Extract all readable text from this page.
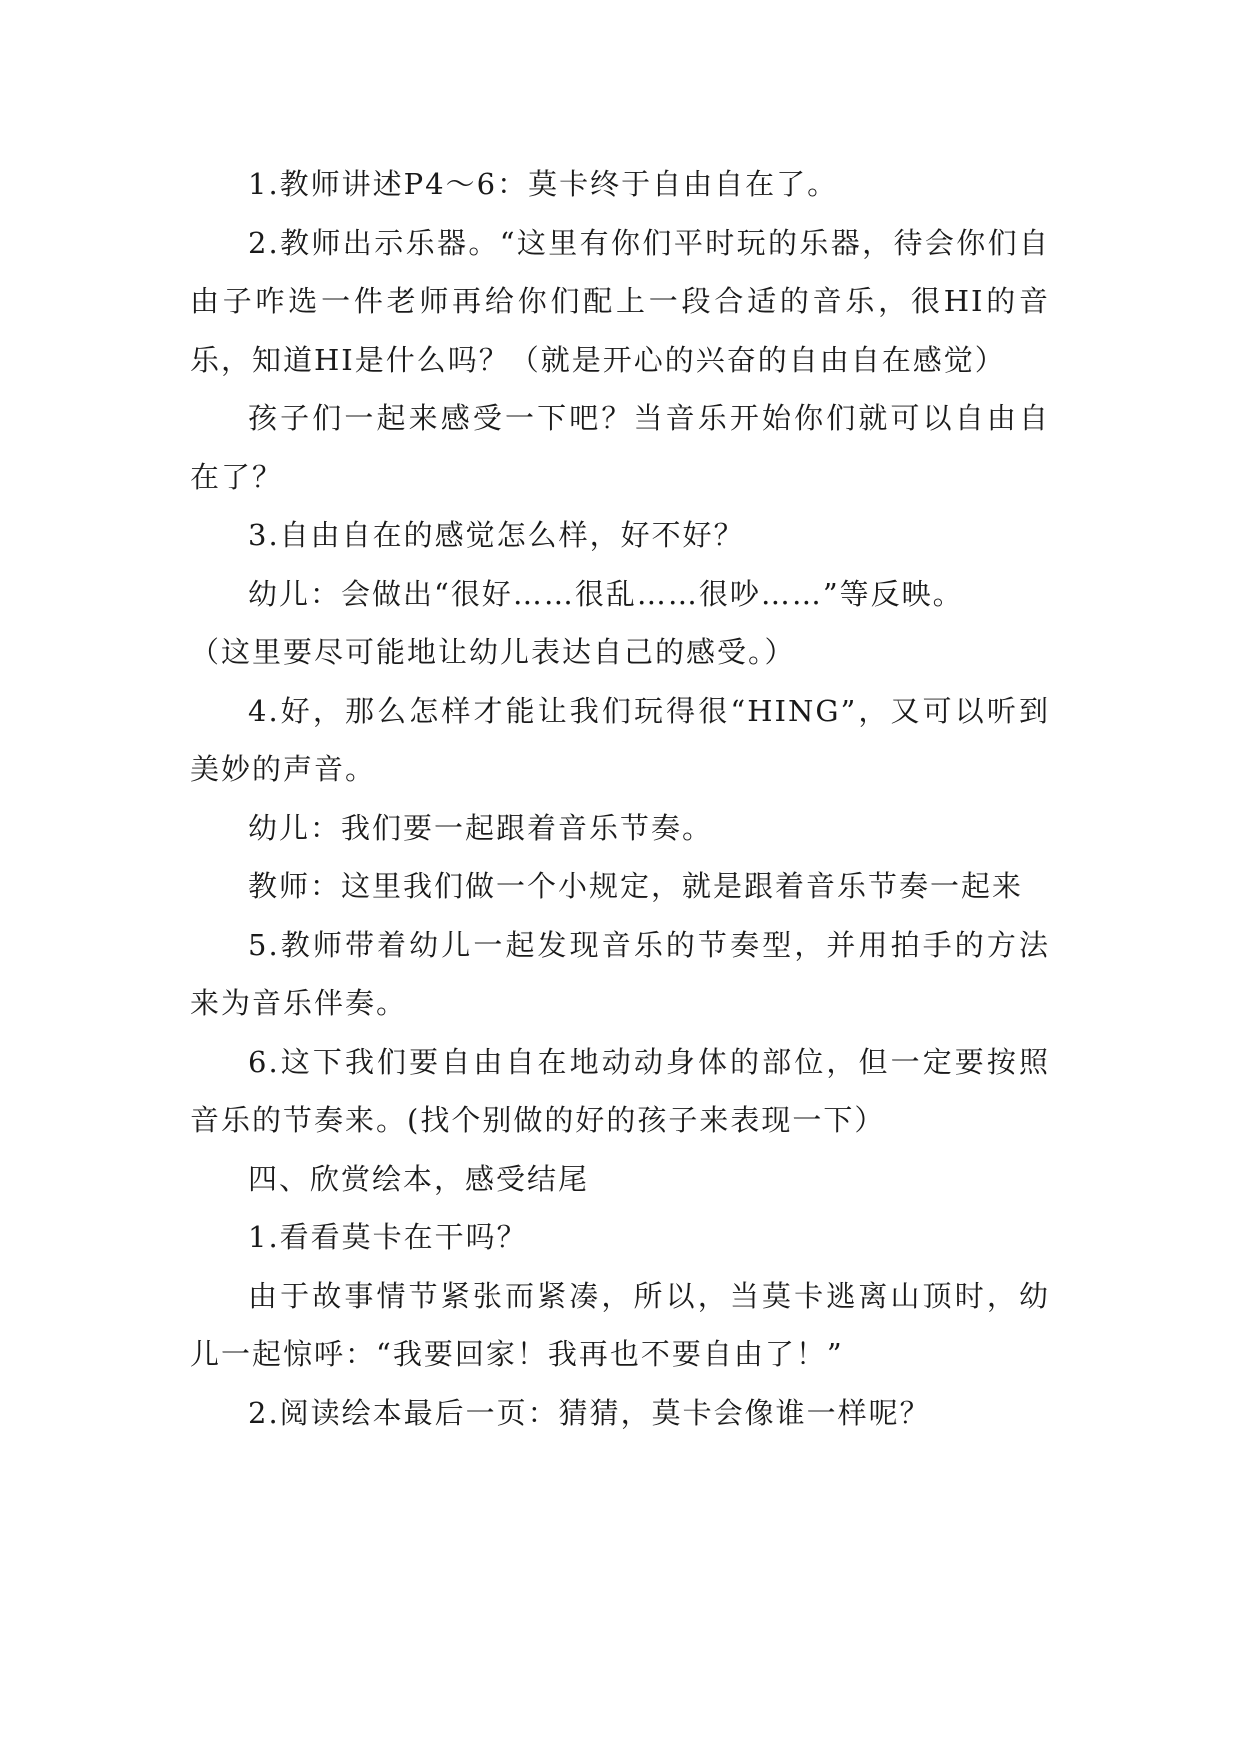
1.教师讲述P4～6：莫卡终于自由自在了。

2.教师出示乐器。“这里有你们平时玩的乐器，待会你们自由子咋选一件老师再给你们配上一段合适的音乐，很HI的音乐，知道HI是什么吗？（就是开心的兴奋的自由自在感觉）

孩子们一起来感受一下吧？当音乐开始你们就可以自由自在了？

3.自由自在的感觉怎么样，好不好？

幼儿：会做出“很好……很乱……很吵……”等反映。

（这里要尽可能地让幼儿表达自己的感受。）

4.好，那么怎样才能让我们玩得很“HING”，又可以听到美妙的声音。

幼儿：我们要一起跟着音乐节奏。

教师：这里我们做一个小规定，就是跟着音乐节奏一起来

5.教师带着幼儿一起发现音乐的节奏型，并用拍手的方法来为音乐伴奏。

6.这下我们要自由自在地动动身体的部位，但一定要按照音乐的节奏来。(找个别做的好的孩子来表现一下）

四、欣赏绘本，感受结尾

1.看看莫卡在干吗？

由于故事情节紧张而紧凑，所以，当莫卡逃离山顶时，幼儿一起惊呼：“我要回家！我再也不要自由了！”

2.阅读绘本最后一页：猜猜，莫卡会像谁一样呢？
